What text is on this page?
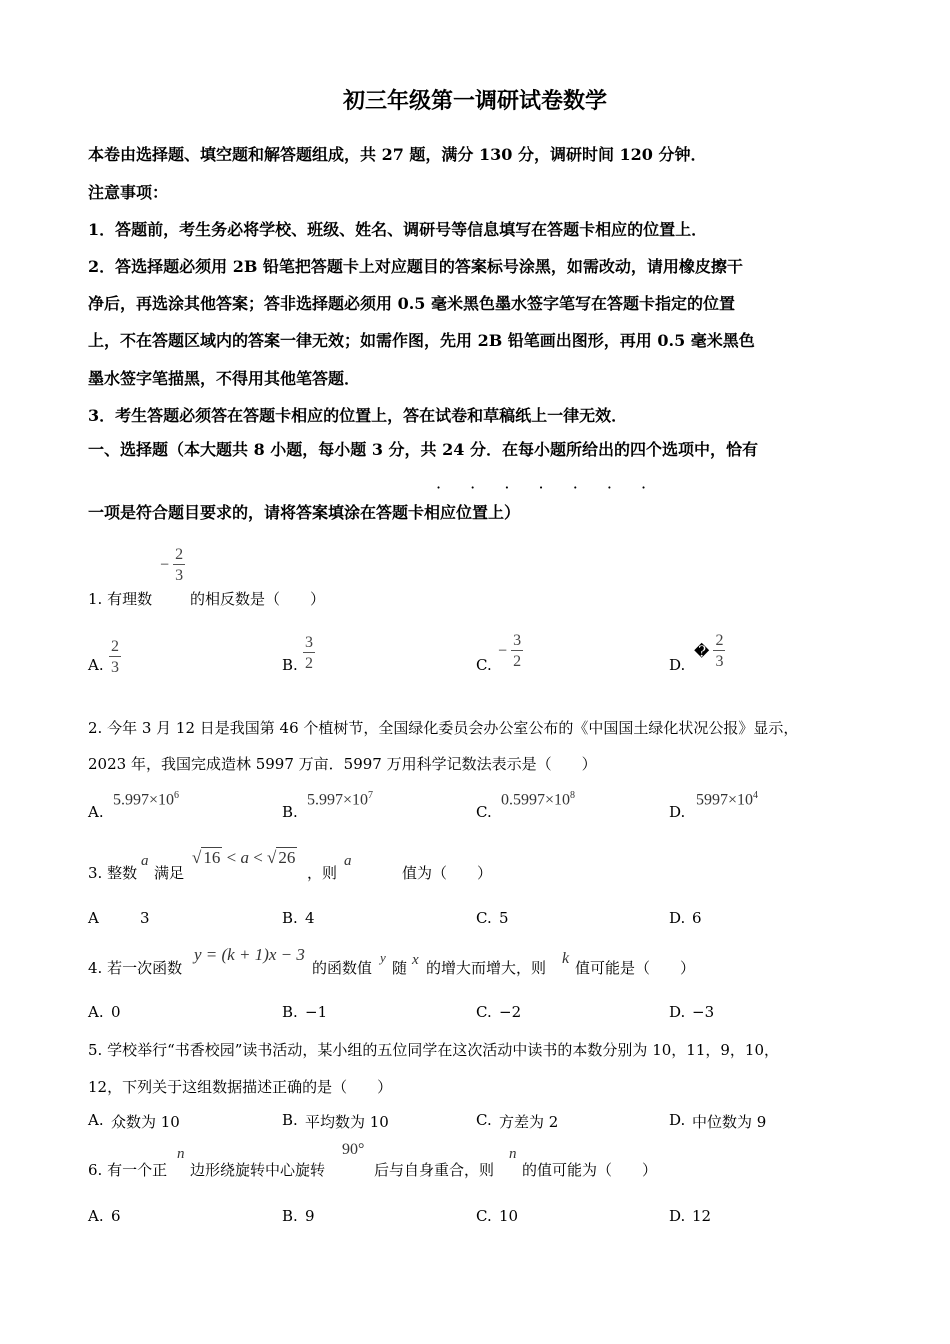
初三年级第一调研试卷数学
本卷由选择题、填空题和解答题组成，共 27 题，满分 130 分，调研时间 120 分钟．
注意事项：
1．答题前，考生务必将学校、班级、姓名、调研号等信息填写在答题卡相应的位置上．
2．答选择题必须用 2B 铅笔把答题卡上对应题目的答案标号涂黑，如需改动，请用橡皮擦干
净后，再选涂其他答案；答非选择题必须用 0.5 毫米黑色墨水签字笔写在答题卡指定的位置
上，不在答题区域内的答案一律无效；如需作图，先用 2B 铅笔画出图形，再用 0.5 毫米黑色
墨水签字笔描黑，不得用其他笔答题．
3．考生答题必须答在答题卡相应的位置上，答在试卷和草稿纸上一律无效．
一、选择题（本大题共 8 小题，每小题 3 分，共 24 分．在每小题所给出的四个选项中，恰有
· · · · · · ·
一项是符合题目要求的，请将答案填涂在答题卡相应位置上）
1. 有理数
− $\frac{2}{3}$
的相反数是（　　）
A. $\frac{2}{3}$	B. $\frac{3}{2}$	C.
− $\frac{3}{2}$	D.
� $\frac{2}{3}$
2. 今年 3 月 12 日是我国第 46 个植树节，全国绿化委员会办公室公布的《中国国土绿化状况公报》显示，
2023 年，我国完成造林 5997 万亩．5997 万用科学记数法表示是（　　）
A.
$5.997\times 10^6$
B.
$5.997\times 10^7$
C.
$0.5997\times 10^8$
D.
$5997\times 10^4$
3. 整数
a
满足
√ 16 < a < √ 26
，则
a
值为（　　）
A	3	B. 4	C. 5	D. 6
4. 若一次函数
y = (k + 1)x − 3
的函数值
y
随 x 的增大而增大，则
k
值可能是（　　）
A. 0	B. −1	C. −2	D. −3
5. 学校举行“书香校园”读书活动，某小组的五位同学在这次活动中读书的本数分别为 10，11，9，10，
12，下列关于这组数据描述正确的是（　　）
A. 众数为 10	B. 平均数为 10	C. 方差为 2	D. 中位数为 9
6. 有一个正
n
边形绕旋转中心旋转
90°
后与自身重合，则
n
的值可能为（　　）
A. 6	B. 9	C. 10	D. 12
